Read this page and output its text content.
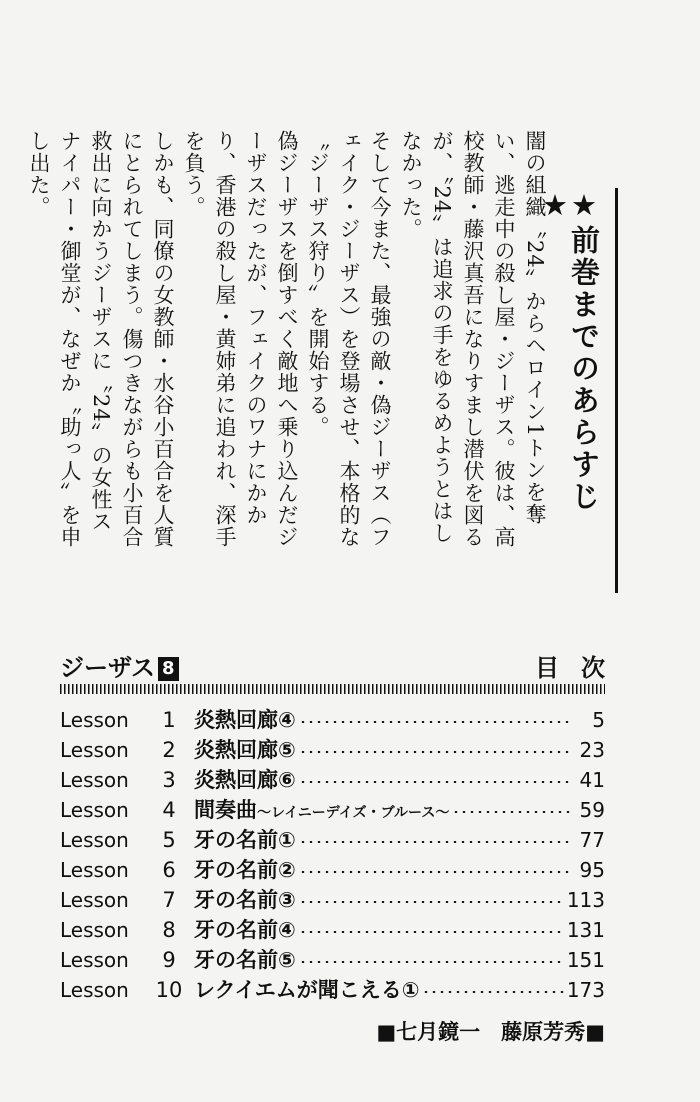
★前巻までのあらすじ★

闇の組織〝24〟からヘロイン1トンを奪い、逃走中の殺し屋・ジーザス。彼は、高校教師・藤沢真吾になりすまし潜伏を図るが、〝24〟は追求の手をゆるめようとはしなかった。

そして今また、最強の敵・偽ジーザス（フェイク・ジーザス）を登場させ、本格的な〝ジーザス狩り〟を開始する。

偽ジーザスを倒すべく敵地へ乗り込んだジーザスだったが、フェイクのワナにかかり、香港の殺し屋・黄姉弟に追われ、深手を負う。

しかも、同僚の女教師・水谷小百合を人質にとられてしまう。傷つきながらも小百合救出に向かうジーザスに〝24〟の女性スナイパー・御堂が、なぜか〝助っ人〟を申し出た。

ジーザス 8	目次
Lesson	1 炎熱回廊④	5
Lesson	2 炎熱回廊⑤	23
Lesson	3 炎熱回廊⑥	41
Lesson	4 間奏曲〜レイニーデイズ・ブルース〜	59
Lesson	5 牙の名前①	77
Lesson	6 牙の名前②	95
Lesson	7 牙の名前③	113
Lesson	8 牙の名前④	131
Lesson	9 牙の名前⑤	151
Lesson	10 レクイエムが聞こえる①	173
■七月鏡一　藤原芳秀■
